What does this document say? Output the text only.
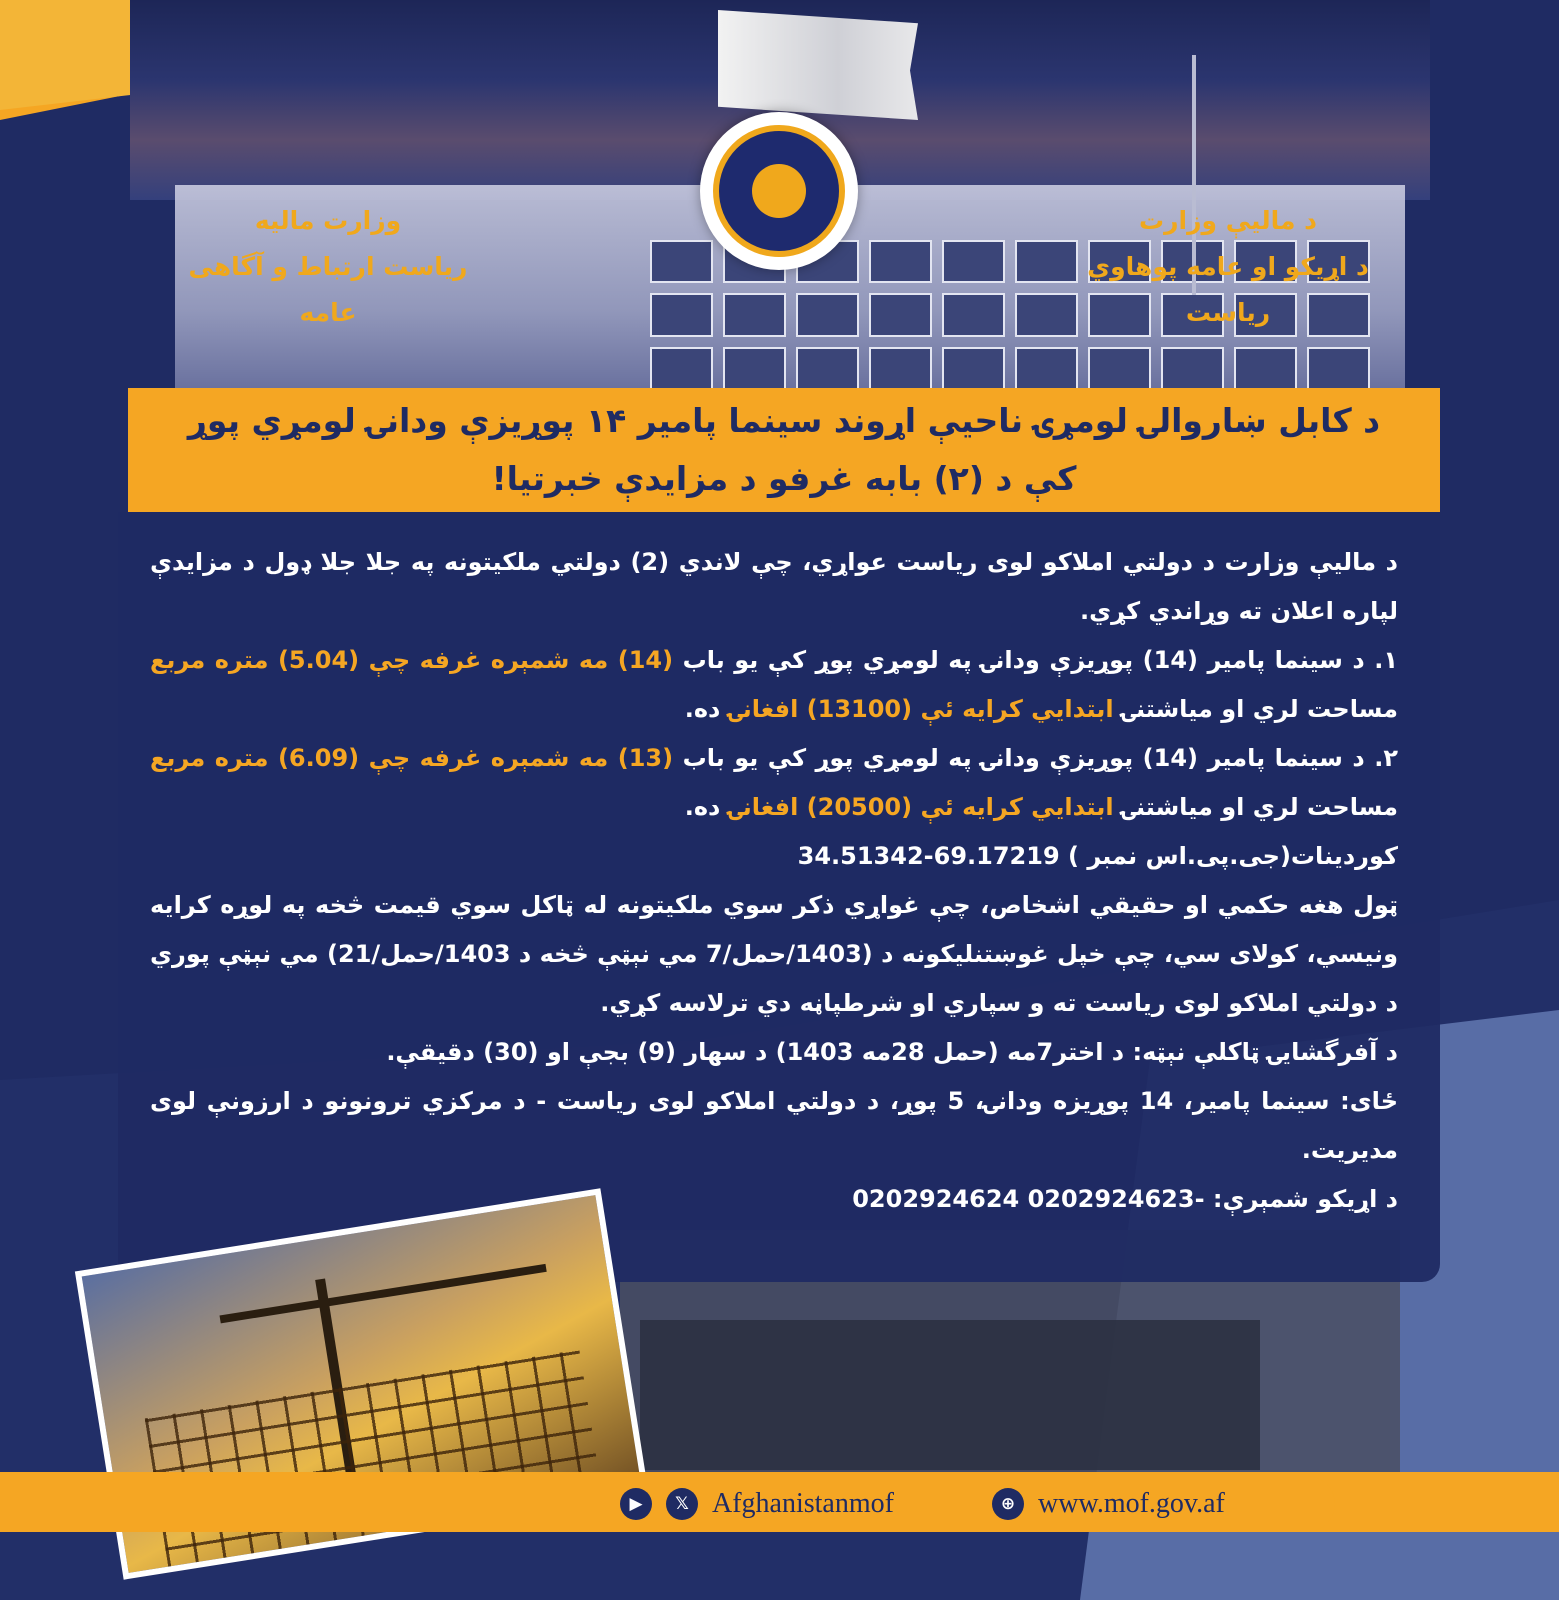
وزارت مالیه
ریاست ارتباط و آگاهی عامه
د مالیې وزارت
د اړیکو او عامه پوهاوي ریاست
د کابل ښاروالۍ لومړۍ ناحیې اړوند سینما پامیر ۱۴ پوړیزې ودانۍ لومړي پوړ
کې د (۲) بابه غرفو د مزایدې خبرتیا!

د مالیې وزارت د دولتي املاکو لوی ریاست عواړي، چې لاندي (2) دولتي ملکیتونه په جلا جلا ډول د مزایدې لپاره اعلان ته وړاندي کړي.

۱. د سینما پامیر (14) پوړیزې ودانۍ په لومړي پوړ کې یو باب (14) مه شمېره غرفه چې (5.04) متره مربع مساحت لري او میاشتنۍ ابتدایي کرایه ئې (13100) افغانۍ ده.

۲. د سینما پامیر (14) پوړیزې ودانۍ په لومړي پوړ کې یو باب (13) مه شمېره غرفه چې (6.09) متره مربع مساحت لري او میاشتنۍ ابتدایي کرایه ئې (20500) افغانۍ ده.

کوردینات(جی.پی.اس نمبر ) 69.17219-34.51342

ټول هغه حکمي او حقیقي اشخاص، چې غواړي ذکر سوي ملکیتونه له ټاکل سوي قیمت څخه په لوړه کرایه ونیسي، کولای سي، چې خپل غوښتنلیکونه د (1403/حمل/7 مي نېټې څخه د 1403/حمل/21) مي نېټې پوري د دولتي املاکو لوی ریاست ته و سپاري او شرطپاڼه دي ترلاسه کړي.

د آفرگشایۍ ټاکلې نېټه: د اختر7مه (حمل 28مه 1403) د سهار (9) بجې او (30) دقیقې.

ځای: سینما پامیر، 14 پوړیزه ودانۍ، 5 پوړ، د دولتي املاکو لوی ریاست - د مرکزي ترونونو د ارزونې لوی مدیریت.

د اړیکو شمېرې: -0202924623 0202924624

▶	𝕏 Afghanistanmof	⊕ www.mof.gov.af
